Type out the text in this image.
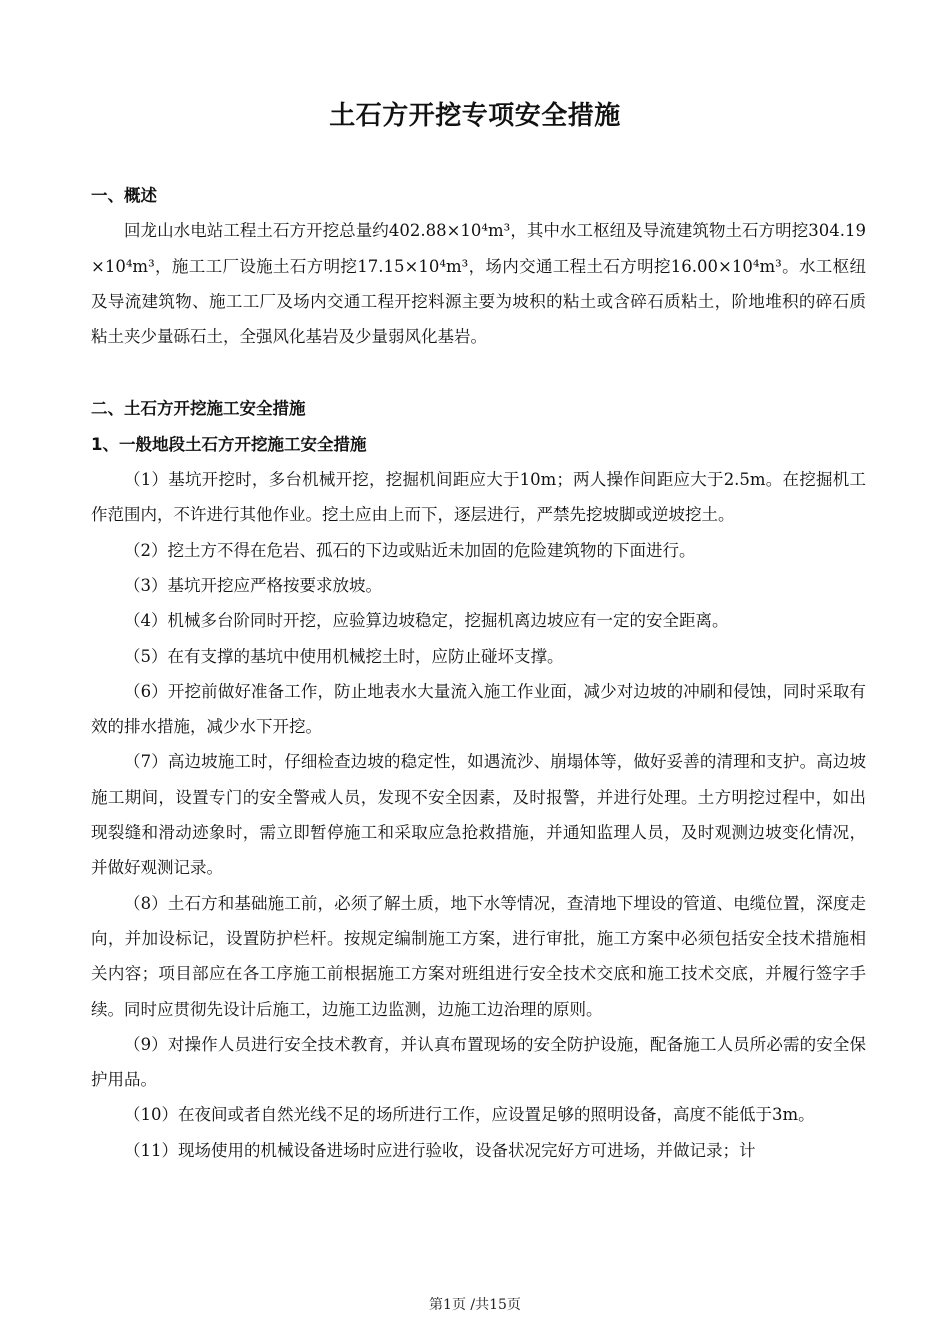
土石方开挖专项安全措施

一、概述

回龙山水电站工程土石方开挖总量约402.88×10⁴m³，其中水工枢纽及导流建筑物土石方明挖304.19×10⁴m³，施工工厂设施土石方明挖17.15×10⁴m³，场内交通工程土石方明挖16.00×10⁴m³。水工枢纽及导流建筑物、施工工厂及场内交通工程开挖料源主要为坡积的粘土或含碎石质粘土，阶地堆积的碎石质粘土夹少量砾石土，全强风化基岩及少量弱风化基岩。

二、土石方开挖施工安全措施

1、一般地段土石方开挖施工安全措施

（1）基坑开挖时，多台机械开挖，挖掘机间距应大于10m；两人操作间距应大于2.5m。在挖掘机工作范围内，不许进行其他作业。挖土应由上而下，逐层进行，严禁先挖坡脚或逆坡挖土。

（2）挖土方不得在危岩、孤石的下边或贴近未加固的危险建筑物的下面进行。

（3）基坑开挖应严格按要求放坡。

（4）机械多台阶同时开挖，应验算边坡稳定，挖掘机离边坡应有一定的安全距离。

（5）在有支撑的基坑中使用机械挖土时，应防止碰坏支撑。

（6）开挖前做好准备工作，防止地表水大量流入施工作业面，减少对边坡的冲刷和侵蚀，同时采取有效的排水措施，减少水下开挖。

（7）高边坡施工时，仔细检查边坡的稳定性，如遇流沙、崩塌体等，做好妥善的清理和支护。高边坡施工期间，设置专门的安全警戒人员，发现不安全因素，及时报警，并进行处理。土方明挖过程中，如出现裂缝和滑动迹象时，需立即暂停施工和采取应急抢救措施，并通知监理人员，及时观测边坡变化情况，并做好观测记录。

（8）土石方和基础施工前，必须了解土质，地下水等情况，查清地下埋设的管道、电缆位置，深度走向，并加设标记，设置防护栏杆。按规定编制施工方案，进行审批，施工方案中必须包括安全技术措施相关内容；项目部应在各工序施工前根据施工方案对班组进行安全技术交底和施工技术交底，并履行签字手续。同时应贯彻先设计后施工，边施工边监测，边施工边治理的原则。

（9）对操作人员进行安全技术教育，并认真布置现场的安全防护设施，配备施工人员所必需的安全保护用品。

（10）在夜间或者自然光线不足的场所进行工作，应设置足够的照明设备，高度不能低于3m。

（11）现场使用的机械设备进场时应进行验收，设备状况完好方可进场，并做记录；计

第1页 /共15页
